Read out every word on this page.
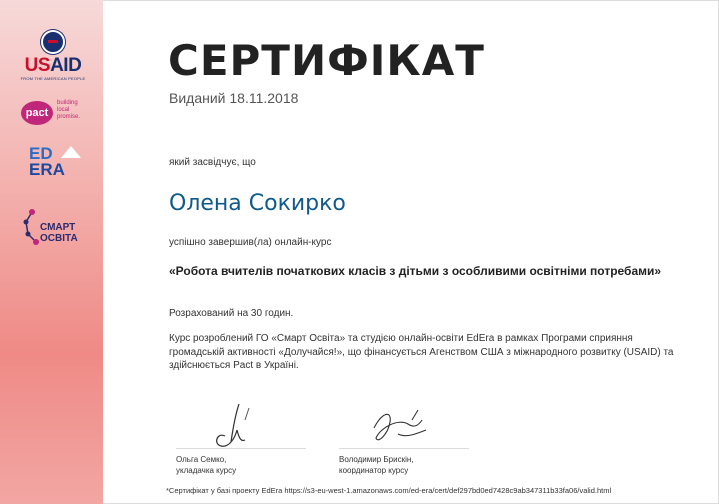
USAID
FROM THE AMERICAN PEOPLE
pact
building
local
promise.
ED
ERA
СМАРТ
ОСВІТА
СЕРТИФІКАТ
Виданий 18.11.2018
який засвідчує, що
Олена Сокирко
успішно завершив(ла) онлайн-курс
«Робота вчителів початкових класів з дітьми з особливими освітніми потребами»
Розрахований на 30 годин.
Курс розроблений ГО «Смарт Освіта» та студією онлайн-освіти EdEra в рамках Програми сприяння громадській активності «Долучайся!», що фінансується Агенством США з міжнародного розвитку (USAID) та здійснюється Pact в Україні.
Ольга Семко,
укладачка курсу
Володимир Брискін,
координатор курсу
*Сертифікат у базі проекту EdEra https://s3-eu-west-1.amazonaws.com/ed-era/cert/def297bd0ed7428c9ab347311b33fa06/valid.html
